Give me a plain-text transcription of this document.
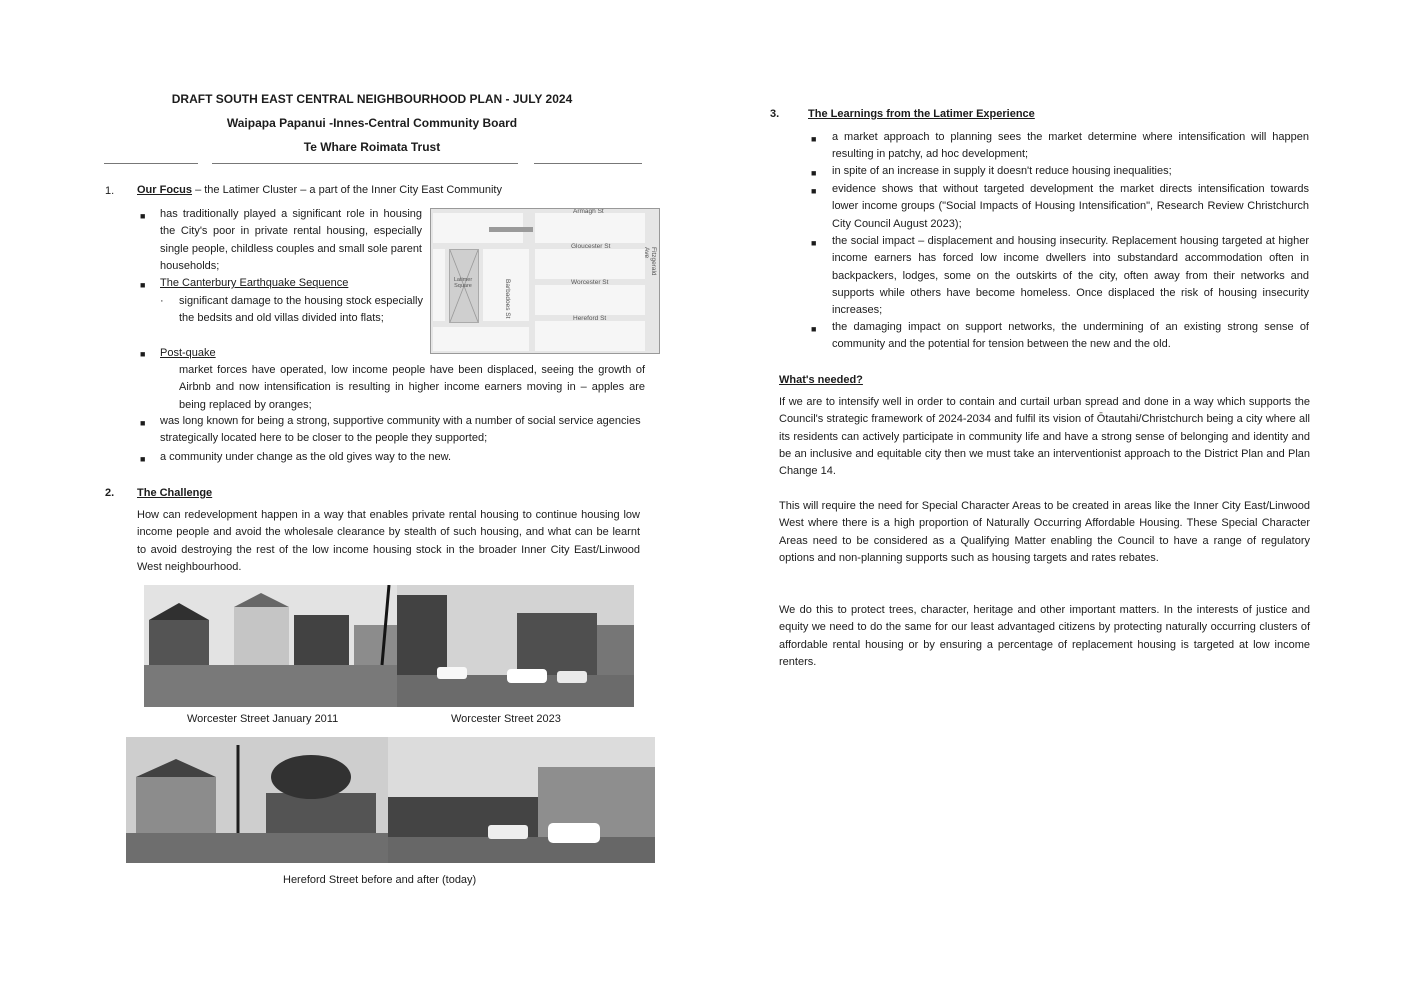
DRAFT SOUTH EAST CENTRAL NEIGHBOURHOOD PLAN - JULY 2024
Waipapa Papanui -Innes-Central Community Board
Te Whare Roimata Trust
1. Our Focus – the Latimer Cluster – a part of the Inner City East Community
■ has traditionally played a significant role in housing the City's poor in private rental housing, especially single people, childless couples and small sole parent households;
■ The Canterbury Earthquake Sequence
· significant damage to the housing stock especially the bedsits and old villas divided into flats;
■ Post-quake
market forces have operated, low income people have been displaced, seeing the growth of Airbnb and now intensification is resulting in higher income earners moving in – apples are being replaced by oranges;
■ was long known for being a strong, supportive community with a number of social service agencies strategically located here to be closer to the people they supported;
■ a community under change as the old gives way to the new.
Armagh St
Gloucester St
Worcester St
Hereford St
Barbadoes St
Fitzgerald Ave
Latimer Square
2. The Challenge
How can redevelopment happen in a way that enables private rental housing to continue housing low income people and avoid the wholesale clearance by stealth of such housing, and what can be learnt to avoid destroying the rest of the low income housing stock in the broader Inner City East/Linwood West neighbourhood.
Worcester Street January 2011	Worcester Street 2023
Hereford Street before and after (today)
3.	The Learnings from the Latimer Experience
■ a market approach to planning sees the market determine where intensification will happen resulting in patchy, ad hoc development;
■ in spite of an increase in supply it doesn't reduce housing inequalities;
■ evidence shows that without targeted development the market directs intensification towards lower income groups ("Social Impacts of Housing Intensification", Research Review Christchurch City Council August 2023);
■ the social impact – displacement and housing insecurity. Replacement housing targeted at higher income earners has forced low income dwellers into substandard accommodation often in backpackers, lodges, some on the outskirts of the city, often away from their networks and supports while others have become homeless. Once displaced the risk of housing insecurity increases;
■ the damaging impact on support networks, the undermining of an existing strong sense of community and the potential for tension between the new and the old.
What's needed?
If we are to intensify well in order to contain and curtail urban spread and done in a way which supports the Council's strategic framework of 2024-2034 and fulfil its vision of Ōtautahi/Christchurch being a city where all its residents can actively participate in community life and have a strong sense of belonging and identity and be an inclusive and equitable city then we must take an interventionist approach to the District Plan and Plan Change 14.
This will require the need for Special Character Areas to be created in areas like the Inner City East/Linwood West where there is a high proportion of Naturally Occurring Affordable Housing. These Special Character Areas need to be considered as a Qualifying Matter enabling the Council to have a range of regulatory options and non-planning supports such as housing targets and rates rebates.
We do this to protect trees, character, heritage and other important matters. In the interests of justice and equity we need to do the same for our least advantaged citizens by protecting naturally occurring clusters of affordable rental housing or by ensuring a percentage of replacement housing is targeted at low income renters.
